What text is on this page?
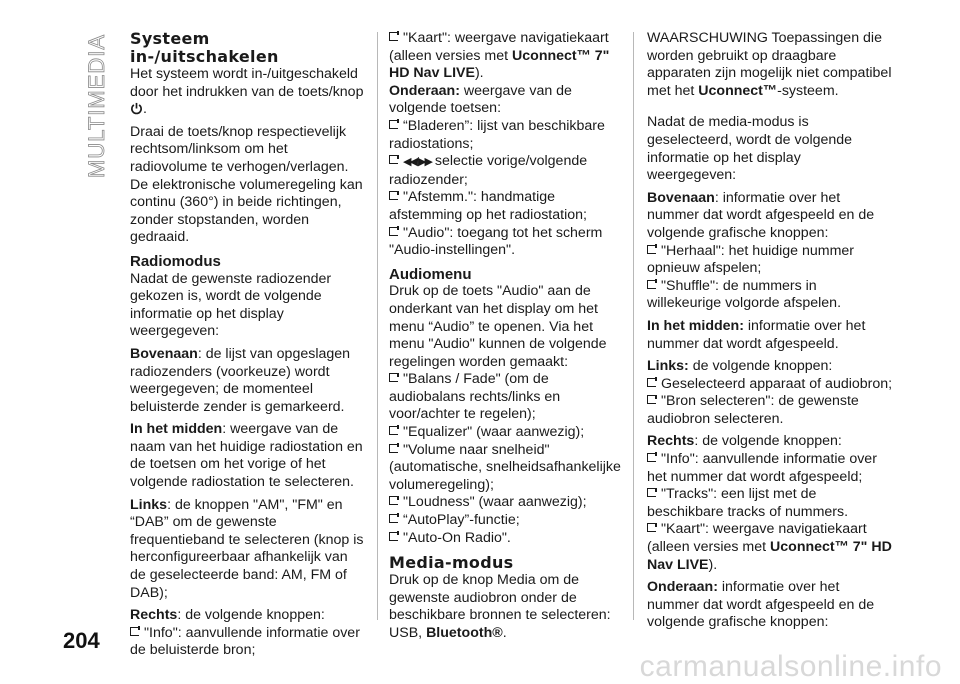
MULTIMEDIA Systeem in-/uitschakelen

Het systeem wordt in-/uitgeschakeld door het indrukken van de toets/knop .

Draai de toets/knop respectievelijk rechtsom/linksom om het radiovolume te verhogen/verlagen. De elektronische volumeregeling kan continu (360°) in beide richtingen, zonder stopstanden, worden gedraaid.

Radiomodus

Nadat de gewenste radiozender gekozen is, wordt de volgende informatie op het display weergegeven:

Bovenaan: de lijst van opgeslagen radiozenders (voorkeuze) wordt weergegeven; de momenteel beluisterde zender is gemarkeerd.

In het midden: weergave van de naam van het huidige radiostation en de toetsen om het vorige of het volgende radiostation te selecteren.

Links: de knoppen "AM", "FM" en “DAB” om de gewenste frequentieband te selecteren (knop is herconfigureerbaar afhankelijk van de geselecteerde band: AM, FM of DAB);

Rechts: de volgende knoppen:

"Info": aanvullende informatie over de beluisterde bron;

"Kaart": weergave navigatiekaart (alleen versies met Uconnect™ 7" HD Nav LIVE).

Onderaan: weergave van de volgende toetsen:

“Bladeren”: lijst van beschikbare radiostations;

◀◀/ ▶▶ selectie vorige/volgende radiozender;

"Afstemm.": handmatige afstemming op het radiostation;

"Audio": toegang tot het scherm "Audio-instellingen".

Audiomenu

Druk op de toets "Audio" aan de onderkant van het display om het menu “Audio” te openen. Via het menu "Audio" kunnen de volgende regelingen worden gemaakt:

"Balans / Fade" (om de audiobalans rechts/links en voor/achter te regelen);

"Equalizer" (waar aanwezig);

"Volume naar snelheid" (automatische, snelheidsafhankelijke volumeregeling);

"Loudness" (waar aanwezig);

“AutoPlay”-functie;

"Auto-On Radio".

Media-modus

Druk op de knop Media om de gewenste audiobron onder de beschikbare bronnen te selecteren: USB, Bluetooth®.

WAARSCHUWING Toepassingen die worden gebruikt op draagbare apparaten zijn mogelijk niet compatibel met het Uconnect™-systeem.

Nadat de media-modus is geselecteerd, wordt de volgende informatie op het display weergegeven:

Bovenaan: informatie over het nummer dat wordt afgespeeld en de volgende grafische knoppen:

"Herhaal": het huidige nummer opnieuw afspelen;

"Shuffle": de nummers in willekeurige volgorde afspelen.

In het midden: informatie over het nummer dat wordt afgespeeld.

Links: de volgende knoppen:

Geselecteerd apparaat of audiobron;

"Bron selecteren": de gewenste audiobron selecteren.

Rechts: de volgende knoppen:

"Info": aanvullende informatie over het nummer dat wordt afgespeeld;

"Tracks": een lijst met de beschikbare tracks of nummers.

"Kaart": weergave navigatiekaart (alleen versies met Uconnect™ 7" HD Nav LIVE).

Onderaan: informatie over het nummer dat wordt afgespeeld en de volgende grafische knoppen:

204
carmanualsonline.info
